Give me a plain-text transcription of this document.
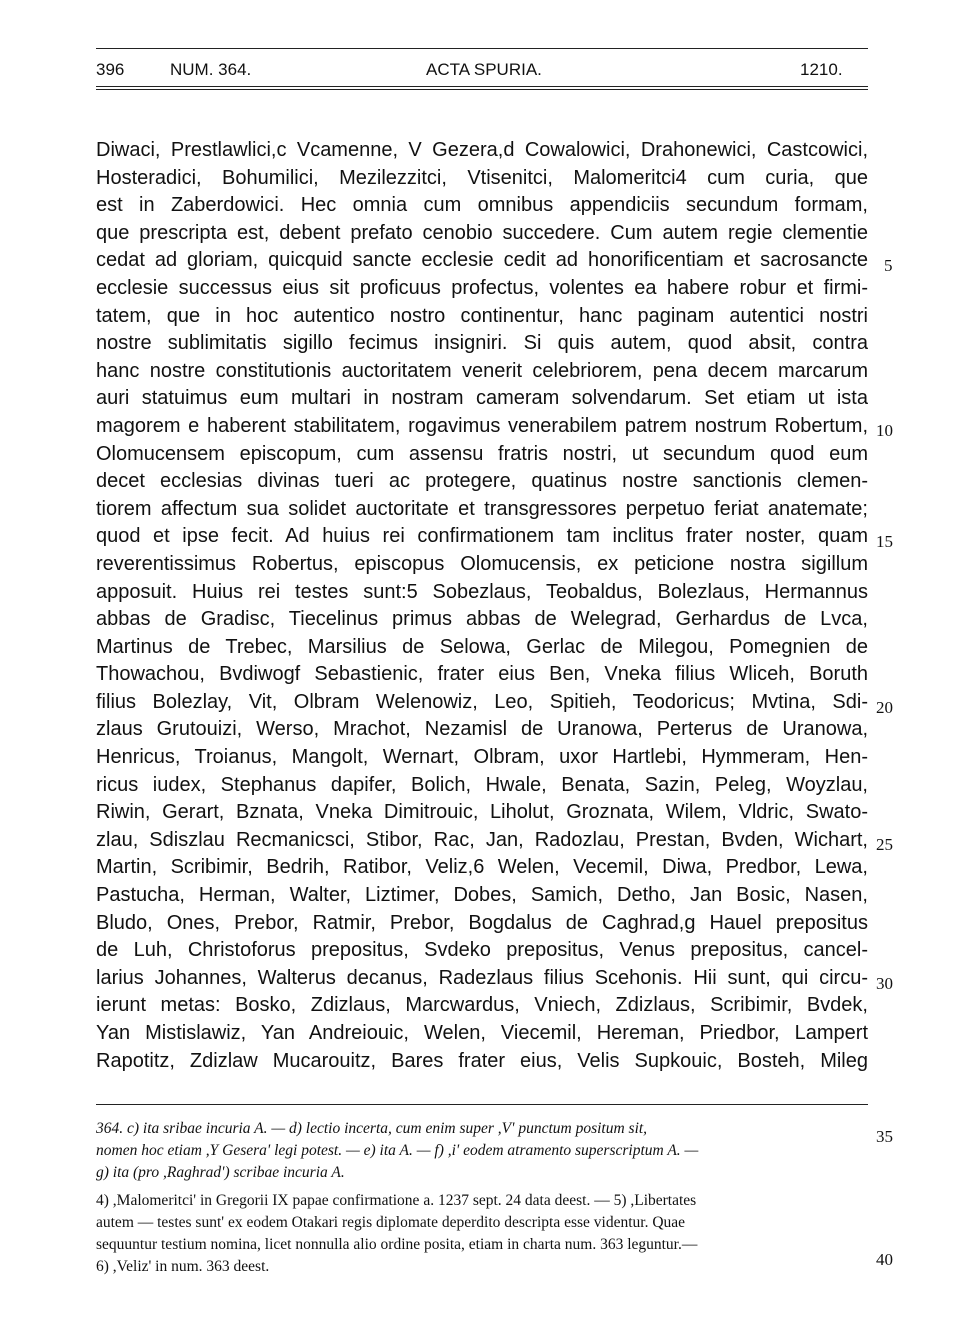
396	NUM. 364.	ACTA SPURIA.	1210.
Diwaci, Prestlawlici,c Vcamenne, V Gezera,d Cowalowici, Drahonewici, Castcowici,
Hosteradici, Bohumilici, Mezilezzitci, Vtisenitci, Malomeritci4 cum curia, que
est in Zaberdowici. Hec omnia cum omnibus appendiciis secundum formam,
que prescripta est, debent prefato cenobio succedere. Cum autem regie clementie
cedat ad gloriam, quicquid sancte ecclesie cedit ad honorificentiam et sacrosancte
ecclesie successus eius sit proficuus profectus, volentes ea habere robur et firmi-
tatem, que in hoc autentico nostro continentur, hanc paginam autentici nostri
nostre sublimitatis sigillo fecimus insigniri. Si quis autem, quod absit, contra
hanc nostre constitutionis auctoritatem venerit celebriorem, pena decem marcarum
auri statuimus eum multari in nostram cameram solvendarum. Set etiam ut ista
magorem e haberent stabilitatem, rogavimus venerabilem patrem nostrum Robertum,
Olomucensem episcopum, cum assensu fratris nostri, ut secundum quod eum
decet ecclesias divinas tueri ac protegere, quatinus nostre sanctionis clemen-
tiorem affectum sua solidet auctoritate et transgressores perpetuo feriat anatemate;
quod et ipse fecit. Ad huius rei confirmationem tam inclitus frater noster, quam
reverentissimus Robertus, episcopus Olomucensis, ex peticione nostra sigillum
apposuit. Huius rei testes sunt:5 Sobezlaus, Teobaldus, Bolezlaus, Hermannus
abbas de Gradisc, Tiecelinus primus abbas de Welegrad, Gerhardus de Lvca,
Martinus de Trebec, Marsilius de Selowa, Gerlac de Milegou, Pomegnien de
Thowachou, Bvdiwogf Sebastienic, frater eius Ben, Vneka filius Wliceh, Boruth
filius Bolezlay, Vit, Olbram Welenowiz, Leo, Spitieh, Teodoricus; Mvtina, Sdi-
zlaus Grutouizi, Werso, Mrachot, Nezamisl de Uranowa, Perterus de Uranowa,
Henricus, Troianus, Mangolt, Wernart, Olbram, uxor Hartlebi, Hymmeram, Hen-
ricus iudex, Stephanus dapifer, Bolich, Hwale, Benata, Sazin, Peleg, Woyzlau,
Riwin, Gerart, Bznata, Vneka Dimitrouic, Liholut, Groznata, Wilem, Vldric, Swato-
zlau, Sdiszlau Recmanicsci, Stibor, Rac, Jan, Radozlau, Prestan, Bvden, Wichart,
Martin, Scribimir, Bedrih, Ratibor, Veliz,6 Welen, Vecemil, Diwa, Predbor, Lewa,
Pastucha, Herman, Walter, Liztimer, Dobes, Samich, Detho, Jan Bosic, Nasen,
Bludo, Ones, Prebor, Ratmir, Prebor, Bogdalus de Caghrad,g Hauel prepositus
de Luh, Christoforus prepositus, Svdeko prepositus, Venus prepositus, cancel-
larius Johannes, Walterus decanus, Radezlaus filius Scehonis. Hii sunt, qui circu-
ierunt metas: Bosko, Zdizlaus, Marcwardus, Vniech, Zdizlaus, Scribimir, Bvdek,
Yan Mistislawiz, Yan Andreiouic, Welen, Viecemil, Hereman, Priedbor, Lampert
Rapotitz, Zdizlaw Mucarouitz, Bares frater eius, Velis Supkouic, Bosteh, Mileg
5
10
15
20
25
30
35
40
364. c) ita sribae incuria A. — d) lectio incerta, cum enim super ,V' punctum positum sit,
nomen hoc etiam ,Y Gesera' legi potest. — e) ita A. — f) ,i' eodem atramento superscriptum A. —
g) ita (pro ,Raghrad') scribae incuria A.
4) ,Malomeritci' in Gregorii IX papae confirmatione a. 1237 sept. 24 data deest. — 5) ,Libertates
autem — testes sunt' ex eodem Otakari regis diplomate deperdito descripta esse videntur. Quae
sequuntur testium nomina, licet nonnulla alio ordine posita, etiam in charta num. 363 leguntur.—
6) ,Veliz' in num. 363 deest.
